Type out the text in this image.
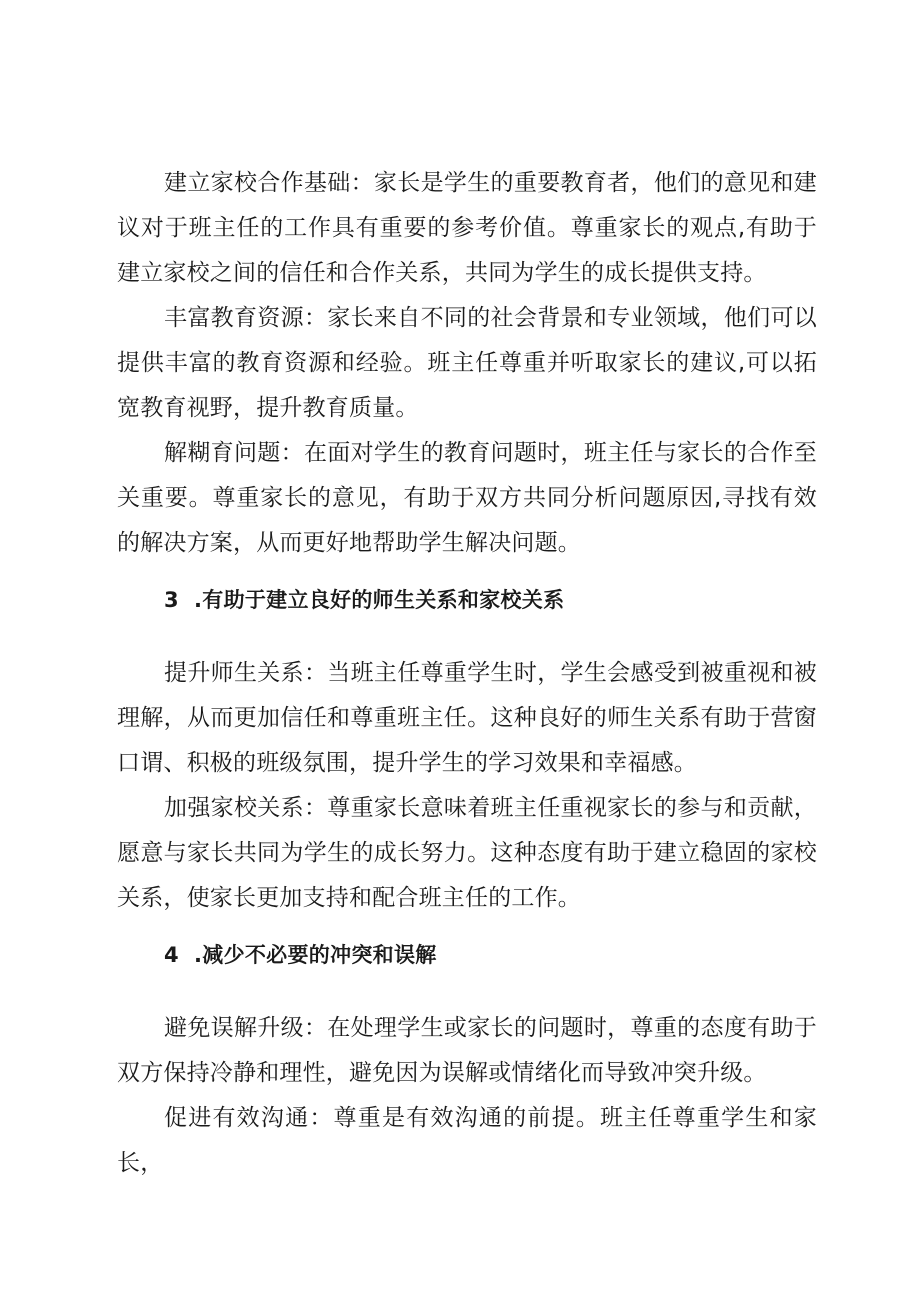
建立家校合作基础：家长是学生的重要教育者，他们的意见和建议对于班主任的工作具有重要的参考价值。尊重家长的观点,有助于建立家校之间的信任和合作关系，共同为学生的成长提供支持。

丰富教育资源：家长来自不同的社会背景和专业领域，他们可以提供丰富的教育资源和经验。班主任尊重并听取家长的建议,可以拓宽教育视野，提升教育质量。

解糊育问题：在面对学生的教育问题时，班主任与家长的合作至关重要。尊重家长的意见，有助于双方共同分析问题原因,寻找有效的解决方案，从而更好地帮助学生解决问题。

3 .有助于建立良好的师生关系和家校关系

提升师生关系：当班主任尊重学生时，学生会感受到被重视和被理解，从而更加信任和尊重班主任。这种良好的师生关系有助于营窗口谓、积极的班级氛围，提升学生的学习效果和幸福感。

加强家校关系：尊重家长意味着班主任重视家长的参与和贡献，愿意与家长共同为学生的成长努力。这种态度有助于建立稳固的家校关系，使家长更加支持和配合班主任的工作。

4 .减少不必要的冲突和误解

避免误解升级：在处理学生或家长的问题时，尊重的态度有助于双方保持冷静和理性，避免因为误解或情绪化而导致冲突升级。

促进有效沟通：尊重是有效沟通的前提。班主任尊重学生和家长，
